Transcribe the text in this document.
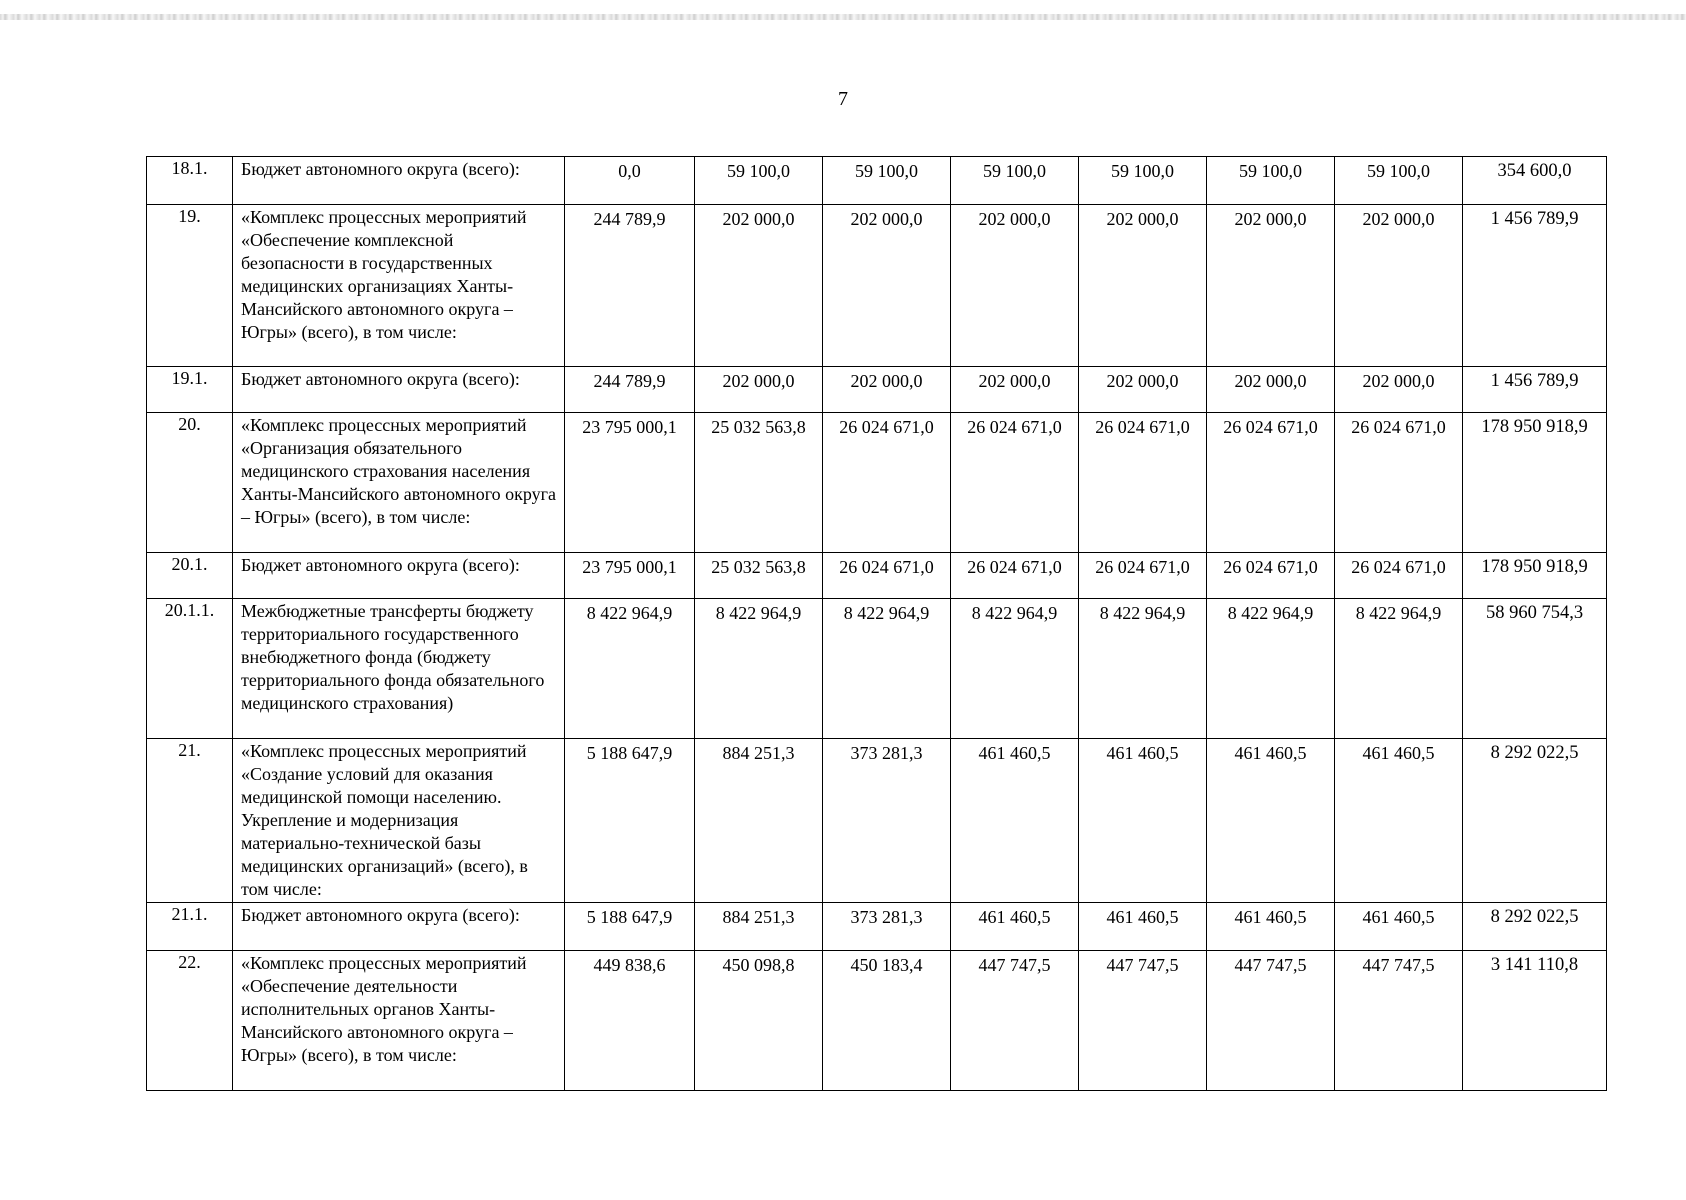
7
18.1.	Бюджет автономного округа (всего):	0,0	59 100,0	59 100,0	59 100,0	59 100,0	59 100,0	59 100,0	354 600,0
19.	«Комплекс процессных мероприятий «Обеспечение комплексной безопасности в государственных медицинских организациях Ханты-Мансийского автономного округа – Югры» (всего), в том числе:	244 789,9	202 000,0	202 000,0	202 000,0	202 000,0	202 000,0	202 000,0	1 456 789,9
19.1.	Бюджет автономного округа (всего):	244 789,9	202 000,0	202 000,0	202 000,0	202 000,0	202 000,0	202 000,0	1 456 789,9
20.	«Комплекс процессных мероприятий «Организация обязательного медицинского страхования населения Ханты-Мансийского автономного округа – Югры» (всего), в том числе:	23 795 000,1	25 032 563,8	26 024 671,0	26 024 671,0	26 024 671,0	26 024 671,0	26 024 671,0	178 950 918,9
20.1.	Бюджет автономного округа (всего):	23 795 000,1	25 032 563,8	26 024 671,0	26 024 671,0	26 024 671,0	26 024 671,0	26 024 671,0	178 950 918,9
20.1.1.	Межбюджетные трансферты бюджету территориального государственного внебюджетного фонда (бюджету территориального фонда обязательного медицинского страхования)	8 422 964,9	8 422 964,9	8 422 964,9	8 422 964,9	8 422 964,9	8 422 964,9	8 422 964,9	58 960 754,3
21.	«Комплекс процессных мероприятий «Создание условий для оказания медицинской помощи населению. Укрепление и модернизация материально-технической базы медицинских организаций» (всего), в том числе:	5 188 647,9	884 251,3	373 281,3	461 460,5	461 460,5	461 460,5	461 460,5	8 292 022,5
21.1.	Бюджет автономного округа (всего):	5 188 647,9	884 251,3	373 281,3	461 460,5	461 460,5	461 460,5	461 460,5	8 292 022,5
22.	«Комплекс процессных мероприятий «Обеспечение деятельности исполнительных органов Ханты-Мансийского автономного округа – Югры» (всего), в том числе:	449 838,6	450 098,8	450 183,4	447 747,5	447 747,5	447 747,5	447 747,5	3 141 110,8
